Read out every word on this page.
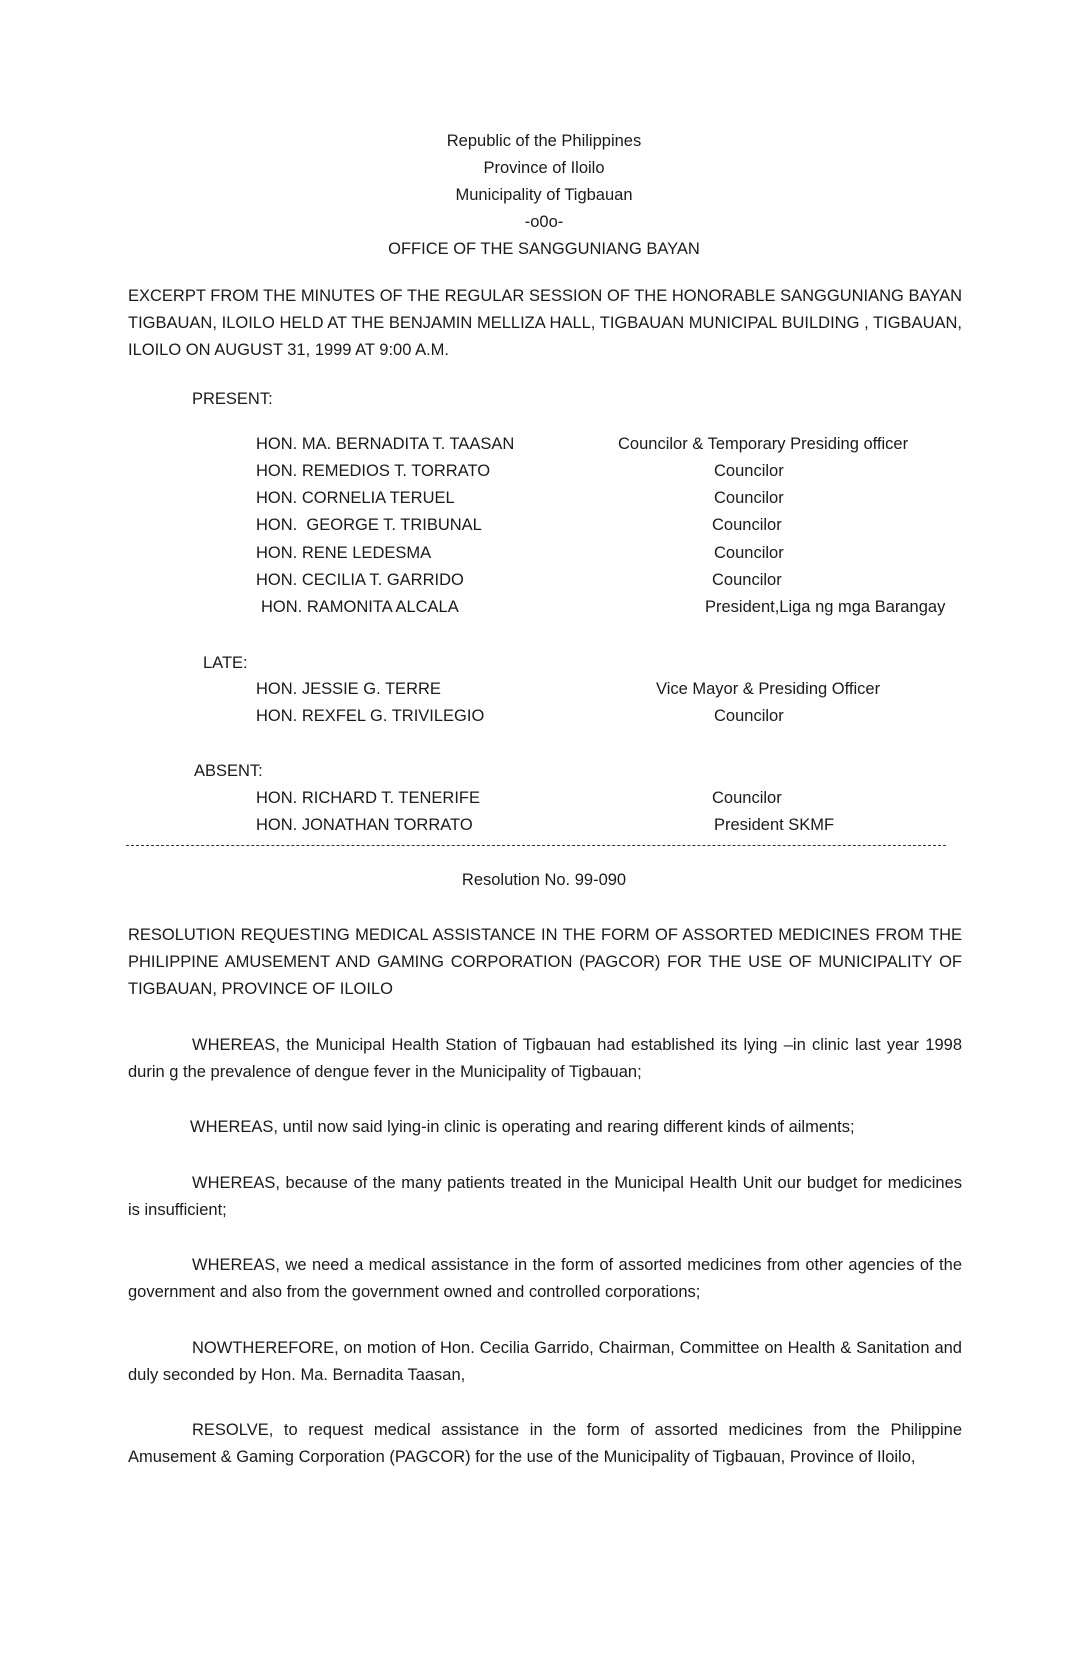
Republic of the Philippines
Province of Iloilo
Municipality of Tigbauan
-o0o-
OFFICE OF THE SANGGUNIANG BAYAN
EXCERPT FROM THE MINUTES OF THE REGULAR SESSION OF THE HONORABLE SANGGUNIANG BAYAN TIGBAUAN, ILOILO HELD AT THE BENJAMIN MELLIZA HALL, TIGBAUAN MUNICIPAL BUILDING , TIGBAUAN, ILOILO ON AUGUST 31, 1999 AT 9:00 A.M.
PRESENT:
HON. MA. BERNADITA T. TAASAN	Councilor & Temporary Presiding officer
HON. REMEDIOS T. TORRATO	Councilor
HON. CORNELIA TERUEL	Councilor
HON.  GEORGE T. TRIBUNAL	Councilor
HON. RENE LEDESMA	Councilor
HON. CECILIA T. GARRIDO	Councilor
HON. RAMONITA ALCALA	President,Liga ng mga Barangay
LATE:
HON. JESSIE G. TERRE	Vice Mayor & Presiding Officer
HON. REXFEL G. TRIVILEGIO	Councilor
ABSENT:
HON. RICHARD T. TENERIFE	Councilor
HON. JONATHAN TORRATO	President SKMF
Resolution No. 99-090
RESOLUTION REQUESTING MEDICAL ASSISTANCE IN THE FORM OF ASSORTED MEDICINES FROM THE PHILIPPINE AMUSEMENT AND GAMING CORPORATION (PAGCOR) FOR THE USE OF MUNICIPALITY OF TIGBAUAN, PROVINCE OF ILOILO
WHEREAS, the Municipal Health Station of Tigbauan had established its lying –in clinic last year 1998 durin g the prevalence of dengue fever in the Municipality of Tigbauan;
WHEREAS, until now said lying-in clinic is operating and rearing different kinds of ailments;
WHEREAS, because of the many patients treated in the Municipal Health Unit our budget for medicines is insufficient;
WHEREAS, we need a medical assistance in the form of assorted medicines from other agencies of the government and also from the government owned and controlled corporations;
NOWTHEREFORE, on motion of Hon. Cecilia Garrido, Chairman, Committee on Health & Sanitation and duly seconded by Hon. Ma. Bernadita Taasan,
RESOLVE, to request medical assistance in the form of assorted medicines from the Philippine Amusement & Gaming Corporation (PAGCOR) for the use of the Municipality of Tigbauan, Province of Iloilo,
